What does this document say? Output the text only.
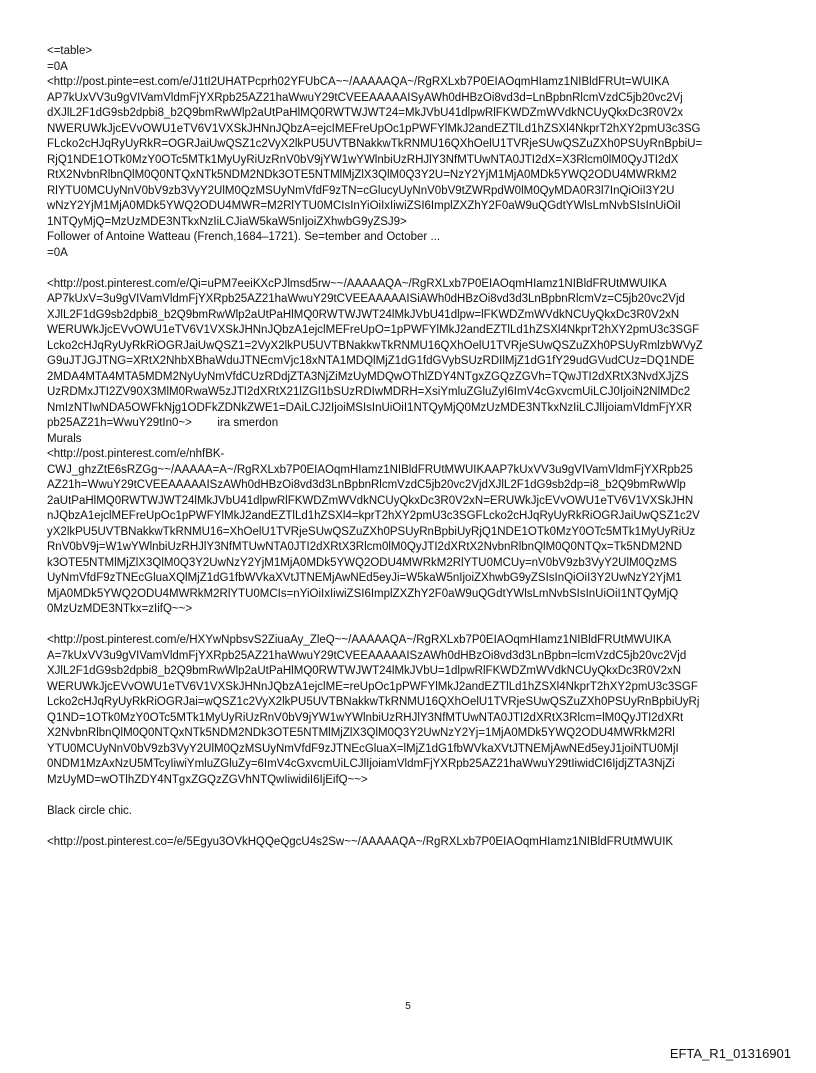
<=table>
=0A
<http://post.pinte=est.com/e/J1tI2UHATPcprh02YFUbCA~~/AAAAAQA~/RgRXLxb7P0EIAOqmHIamz1NIBldFRUt=WUIKA
AP7kUxVV3u9gVIVamVldmFjYXRpb25AZ21haWwuY29tCVEEAAAAAISyAWh0dHBzOi8vd3d=LnBpbnRlcmVzdC5jb20vc2Vj
dXJlL2F1dG9sb2dpbi8_b2Q9bmRwWlp2aUtPaHlMQ0RWTWJWT24=MkJVbU41dlpwRlFKWDZmWVdkNCUyQkxDc3R0V2x
NWERUWkJjcEVvOWU1eTV6V1VXSkJHNnJQbzA=ejcIMEFreUpOc1pPWFYlMkJ2andEZTlLd1hZSXl4NkprT2hXY2pmU3c3SG
FLcko2cHJqRyUyRkR=OGRJaiUwQSZ1c2VyX2lkPU5UVTBNakkwTkRNMU16QXhOelU1TVRjeSUwQSZuZXh0PSUyRnBpbiU=
RjQ1NDE1OTk0MzY0OTc5MTk1MyUyRiUzRnV0bV9jYW1wYWlnbiUzRHJlY3NfMTUwNTA0JTI2dX=X3Rlcm0lM0QyJTI2dX
RtX2NvbnRlbnQlM0Q0NTQxNTk5NDM2NDk3OTE5NTMlMjZlX3QlM0Q3Y2U=NzY2YjM1MjA0MDk5YWQ2ODU4MWRkM2
RlYTU0MCUyNnV0bV9zb3VyY2UlM0QzMSUyNmVfdF9zTN=cGlucyUyNnV0bV9tZWRpdW0lM0QyMDA0R3l7InQiOiI3Y2U
wNzY2YjM1MjA0MDk5YWQ2ODU4MWR=M2RlYTU0MCIsInYiOiIxIiwiZSI6ImplZXZhY2F0aW9uQGdtYWlsLmNvbSIsInUiOiI
1NTQyMjQ=MzUzMDE3NTkxNzIiLCJiaW5kaW5nIjoiZXhwbG9yZSJ9>
Follower of Antoine Watteau (French,1684–1721). Se=tember and October ...
=0A
<http://post.pinterest.com/e/Qi=uPM7eeiKXcPJlmsd5rw~~/AAAAAQA~/RgRXLxb7P0EIAOqmHIamz1NIBldFRUtMWUIKA
AP7kUxV=3u9gVIVamVldmFjYXRpb25AZ21haWwuY29tCVEEAAAAAISiAWh0dHBzOi8vd3d3LnBpbnRlcmVz=C5jb20vc2Vjd
XJlL2F1dG9sb2dpbi8_b2Q9bmRwWlp2aUtPaHlMQ0RWTWJWT24lMkJVbU41dlpw=lFKWDZmWVdkNCUyQkxDc3R0V2xN
WERUWkJjcEVvOWU1eTV6V1VXSkJHNnJQbzA1ejclMEFreUpO=1pPWFYlMkJ2andEZTlLd1hZSXl4NkprT2hXY2pmU3c3SGF
Lcko2cHJqRyUyRkRiOGRJaiUwQSZ1=2VyX2lkPU5UVTBNakkwTkRNMU16QXhOelU1TVRjeSUwQSZuZXh0PSUyRmlzbWVyZ
G9uJTJGJTNG=XRtX2NhbXBhaWduJTNEcmVjc18xNTA1MDQlMjZ1dG1fdGVybSUzRDIlMjZ1dG1fY29udGVudCUz=DQ1NDE
2MDA4MTA4MTA5MDM2NyUyNmVfdCUzRDdjZTA3NjZiMzUyMDQwOThlZDY4NTgxZGQzZGVh=TQwJTI2dXRtX3NvdXJjZS
UzRDMxJTI2ZV90X3MlM0RwaW5zJTI2dXRtX21lZGl1bSUzRDIwMDRH=XsiYmluZGluZyI6ImV4cGxvcmUiLCJ0IjoiN2NlMDc2
NmIzNTIwNDA5OWFkNjg1ODFkZDNkZWE1=DAiLCJ2IjoiMSIsInUiOiI1NTQyMjQ0MzUzMDE3NTkxNzIiLCJlIjoiamVldmFjYXR
pb25AZ21h=WwuY29tIn0~>        ira smerdon
Murals
<http://post.pinterest.com/e/nhfBK-
CWJ_ghzZtE6sRZGg~~/AAAAA=A~/RgRXLxb7P0EIAOqmHIamz1NIBldFRUtMWUIKAAP7kUxVV3u9gVIVamVldmFjYXRpb25
AZ21h=WwuY29tCVEEAAAAAISzAWh0dHBzOi8vd3d3LnBpbnRlcmVzdC5jb20vc2VjdXJlL2F1dG9sb2dp=i8_b2Q9bmRwWlp
2aUtPaHlMQ0RWTWJWT24lMkJVbU41dlpwRlFKWDZmWVdkNCUyQkxDc3R0V2xN=ERUWkJjcEVvOWU1eTV6V1VXSkJHN
nJQbzA1ejclMEFreUpOc1pPWFYlMkJ2andEZTlLd1hZSXl4=kprT2hXY2pmU3c3SGFLcko2cHJqRyUyRkRiOGRJaiUwQSZ1c2V
yX2lkPU5UVTBNakkwTkRNMU16=XhOelU1TVRjeSUwQSZuZXh0PSUyRnBpbiUyRjQ1NDE1OTk0MzY0OTc5MTk1MyUyRiUz
RnV0bV9j=W1wYWlnbiUzRHJlY3NfMTUwNTA0JTI2dXRtX3Rlcm0lM0QyJTI2dXRtX2NvbnRlbnQlM0Q0NTQx=Tk5NDM2ND
k3OTE5NTMlMjZlX3QlM0Q3Y2UwNzY2YjM1MjA0MDk5YWQ2ODU4MWRkM2RlYTU0MCUy=nV0bV9zb3VyY2UlM0QzMS
UyNmVfdF9zTNEcGluaXQlMjZ1dG1fbWVkaXVtJTNEMjAwNEd5eyJi=W5kaW5nIjoiZXhwbG9yZSIsInQiOiI3Y2UwNzY2YjM1
MjA0MDk5YWQ2ODU4MWRkM2RlYTU0MCIs=nYiOiIxIiwiZSI6ImplZXZhY2F0aW9uQGdtYWlsLmNvbSIsInUiOiI1NTQyMjQ
0MzUzMDE3NTkx=zIifQ~~>
<http://post.pinterest.com/e/HXYwNpbsvS2ZiuaAy_ZleQ~~/AAAAAQA~/RgRXLxb7P0EIAOqmHIamz1NIBldFRUtMWUIKA
A=7kUxVV3u9gVIVamVldmFjYXRpb25AZ21haWwuY29tCVEEAAAAAISzAWh0dHBzOi8vd3d3LnBpbn=lcmVzdC5jb20vc2Vjd
XJlL2F1dG9sb2dpbi8_b2Q9bmRwWlp2aUtPaHlMQ0RWTWJWT24lMkJVbU=1dlpwRlFKWDZmWVdkNCUyQkxDc3R0V2xN
WERUWkJjcEVvOWU1eTV6V1VXSkJHNnJQbzA1ejclME=reUpOc1pPWFYlMkJ2andEZTlLd1hZSXl4NkprT2hXY2pmU3c3SGF
Lcko2cHJqRyUyRkRiOGRJai=wQSZ1c2VyX2lkPU5UVTBNakkwTkRNMU16QXhOelU1TVRjeSUwQSZuZXh0PSUyRnBpbiUyRj
Q1ND=1OTk0MzY0OTc5MTk1MyUyRiUzRnV0bV9jYW1wYWlnbiUzRHJlY3NfMTUwNTA0JTI2dXRtX3Rlcm=lM0QyJTI2dXRt
X2NvbnRlbnQlM0Q0NTQxNTk5NDM2NDk3OTE5NTMlMjZlX3QlM0Q3Y2UwNzY2Yj=1MjA0MDk5YWQ2ODU4MWRkM2Rl
YTU0MCUyNnV0bV9zb3VyY2UlM0QzMSUyNmVfdF9zJTNEcGluaX=lMjZ1dG1fbWVkaXVtJTNEMjAwNEd5eyJ1joiNTU0MjI
0NDM1MzAxNzU5MTcyIiwiYmluZGluZy=6ImV4cGxvcmUiLCJlIjoiamVldmFjYXRpb25AZ21haWwuY29tIiwidCI6IjdjZTA3NjZi
MzUyMD=wOTlhZDY4NTgxZGQzZGVhNTQwIiwidiI6IjEifQ~~>
Black circle chic.
<http://post.pinterest.co=/e/5Egyu3OVkHQQeQgcU4s2Sw~~/AAAAAQA~/RgRXLxb7P0EIAOqmHIamz1NIBldFRUtMWUIK
5
EFTA_R1_01316901
